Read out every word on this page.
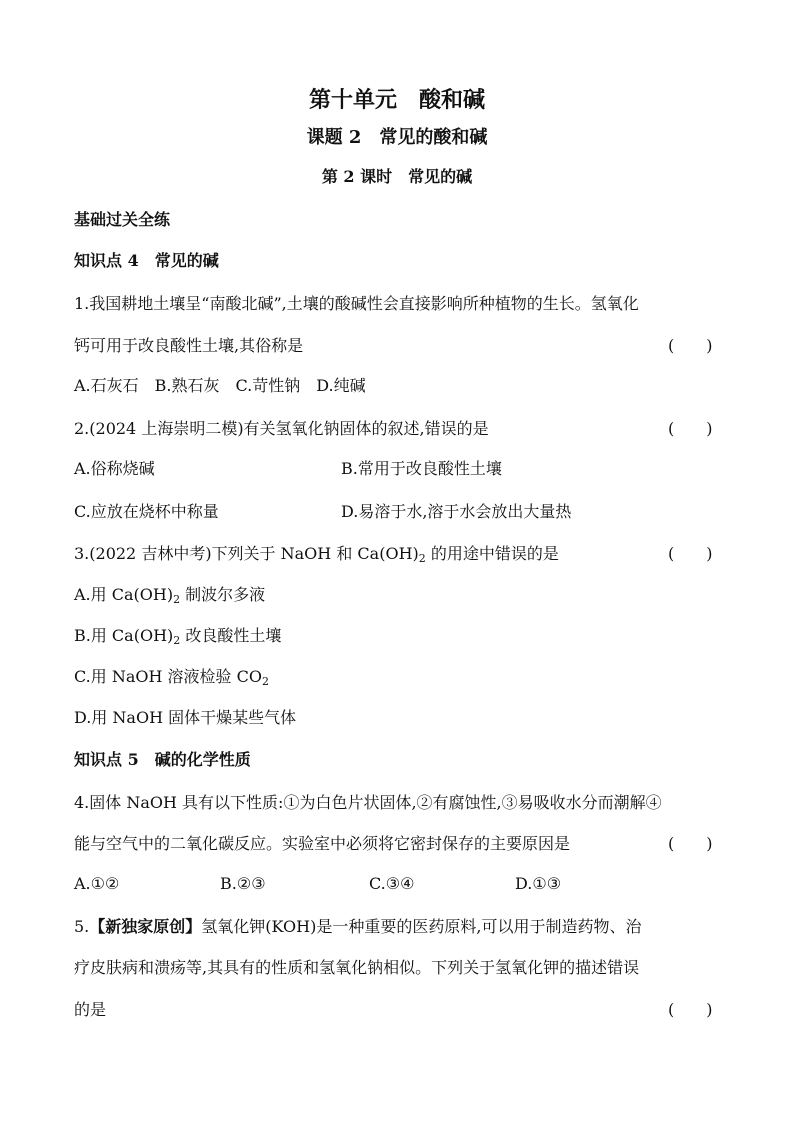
第十单元　酸和碱
课题 2　常见的酸和碱
第 2 课时　常见的碱
基础过关全练
知识点 4　常见的碱
1.我国耕地土壤呈“南酸北碱”,土壤的酸碱性会直接影响所种植物的生长。氢氧化
钙可用于改良酸性土壤,其俗称是	(　　)
A.石灰石　B.熟石灰　C.苛性钠　D.纯碱
2.(2024 上海崇明二模)有关氢氧化钠固体的叙述,错误的是	(　　)
A.俗称烧碱	B.常用于改良酸性土壤
C.应放在烧杯中称量	D.易溶于水,溶于水会放出大量热
3.(2022 吉林中考)下列关于 NaOH 和 $Ca(OH)_2$ 的用途中错误的是	(　　)
A.用 $Ca(OH)_2$ 制波尔多液
B.用 $Ca(OH)_2$ 改良酸性土壤
C.用 NaOH 溶液检验 $CO_2$
D.用 NaOH 固体干燥某些气体
知识点 5　碱的化学性质
4.固体 NaOH 具有以下性质:①为白色片状固体,②有腐蚀性,③易吸收水分而潮解④
能与空气中的二氧化碳反应。实验室中必须将它密封保存的主要原因是	(　　)
A.①②	B.②③	C.③④	D.①③
5.【新独家原创】氢氧化钾(KOH)是一种重要的医药原料,可以用于制造药物、治
疗皮肤病和溃疡等,其具有的性质和氢氧化钠相似。下列关于氢氧化钾的描述错误
的是	(　　)
